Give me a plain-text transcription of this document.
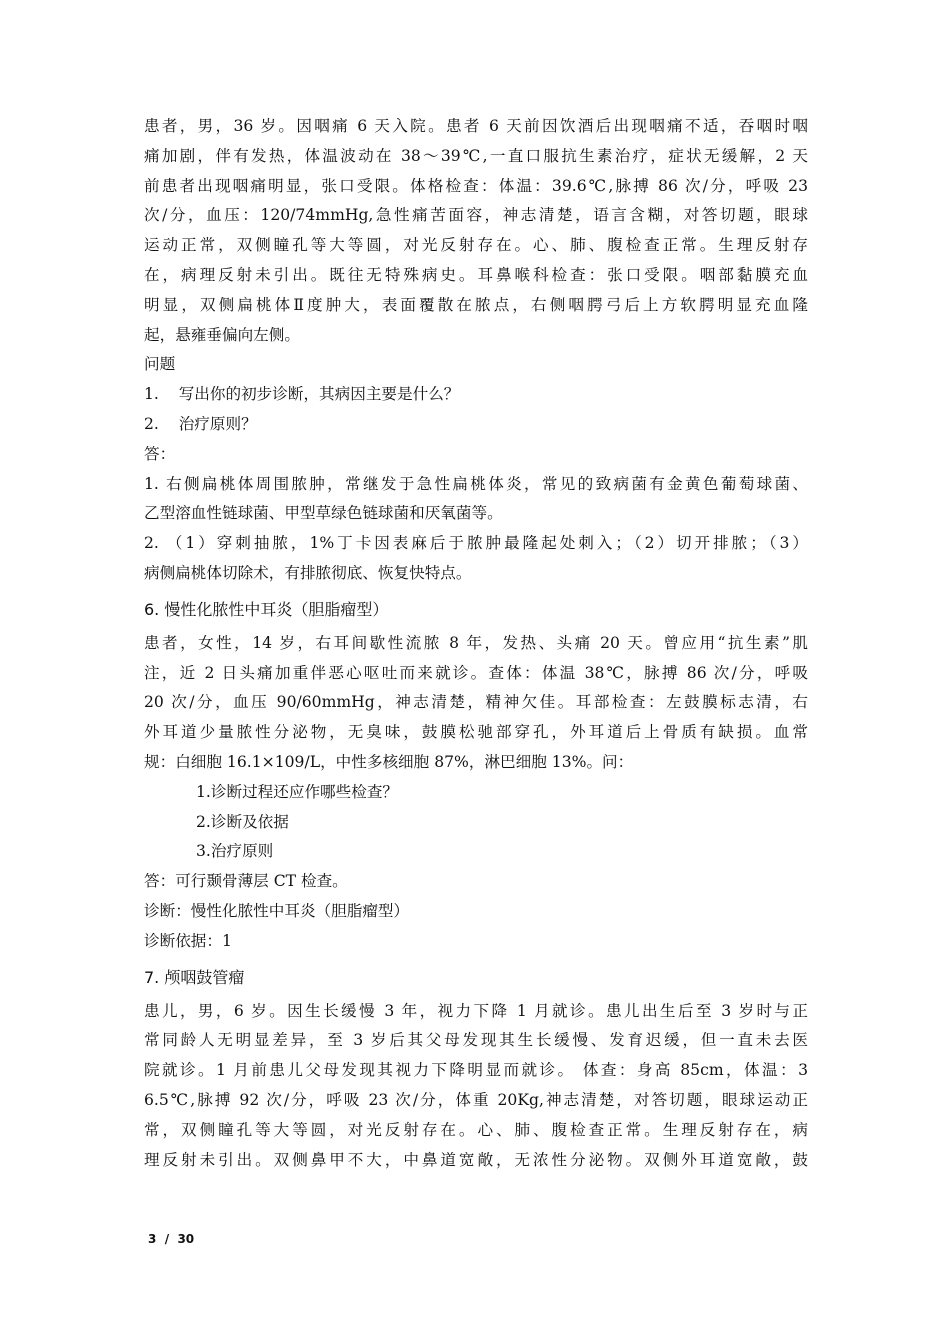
患者，男，36 岁。因咽痛 6 天入院。患者 6 天前因饮酒后出现咽痛不适，吞咽时咽

痛加剧，伴有发热，体温波动在 38～39℃,一直口服抗生素治疗，症状无缓解，2 天

前患者出现咽痛明显，张口受限。体格检查：体温：39.6℃,脉搏 86 次/分，呼吸 23

次/分，血压：120/74mmHg,急性痛苦面容，神志清楚，语言含糊，对答切题，眼球

运动正常，双侧瞳孔等大等圆，对光反射存在。心、肺、腹检查正常。生理反射存

在，病理反射未引出。既往无特殊病史。耳鼻喉科检查：张口受限。咽部黏膜充血

明显，双侧扁桃体Ⅱ度肿大，表面覆散在脓点，右侧咽腭弓后上方软腭明显充血隆

起，悬雍垂偏向左侧。

问题

1.    写出你的初步诊断，其病因主要是什么？

2.    治疗原则？

答：

1. 右侧扁桃体周围脓肿，常继发于急性扁桃体炎，常见的致病菌有金黄色葡萄球菌、

乙型溶血性链球菌、甲型草绿色链球菌和厌氧菌等。

2. （1）穿刺抽脓，1%丁卡因表麻后于脓肿最隆起处刺入；（2）切开排脓；（3）

病侧扁桃体切除术，有排脓彻底、恢复快特点。

6. 慢性化脓性中耳炎（胆脂瘤型）

患者，女性，14 岁，右耳间歇性流脓 8 年，发热、头痛 20 天。曾应用“抗生素”肌

注，近 2 日头痛加重伴恶心呕吐而来就诊。查体：体温 38℃，脉搏 86 次/分，呼吸

20 次/分，血压 90/60mmHg，神志清楚，精神欠佳。耳部检查：左鼓膜标志清，右

外耳道少量脓性分泌物，无臭味，鼓膜松驰部穿孔，外耳道后上骨质有缺损。血常

规：白细胞 16.1×109/L，中性多核细胞 87%，淋巴细胞 13%。问：

1.诊断过程还应作哪些检查？

2.诊断及依据

3.治疗原则

答：可行颞骨薄层 CT 检查。

诊断：慢性化脓性中耳炎（胆脂瘤型）

诊断依据：1

7. 颅咽鼓管瘤

患儿，男，6 岁。因生长缓慢 3 年，视力下降 1 月就诊。患儿出生后至 3 岁时与正

常同龄人无明显差异，至 3 岁后其父母发现其生长缓慢、发育迟缓，但一直未去医

院就诊。1 月前患儿父母发现其视力下降明显而就诊。 体查：身高 85cm，体温：3

6.5℃,脉搏 92 次/分，呼吸 23 次/分，体重 20Kg,神志清楚，对答切题，眼球运动正

常，双侧瞳孔等大等圆，对光反射存在。心、肺、腹检查正常。生理反射存在，病

理反射未引出。双侧鼻甲不大，中鼻道宽敞，无浓性分泌物。双侧外耳道宽敞，鼓

3  /  30
